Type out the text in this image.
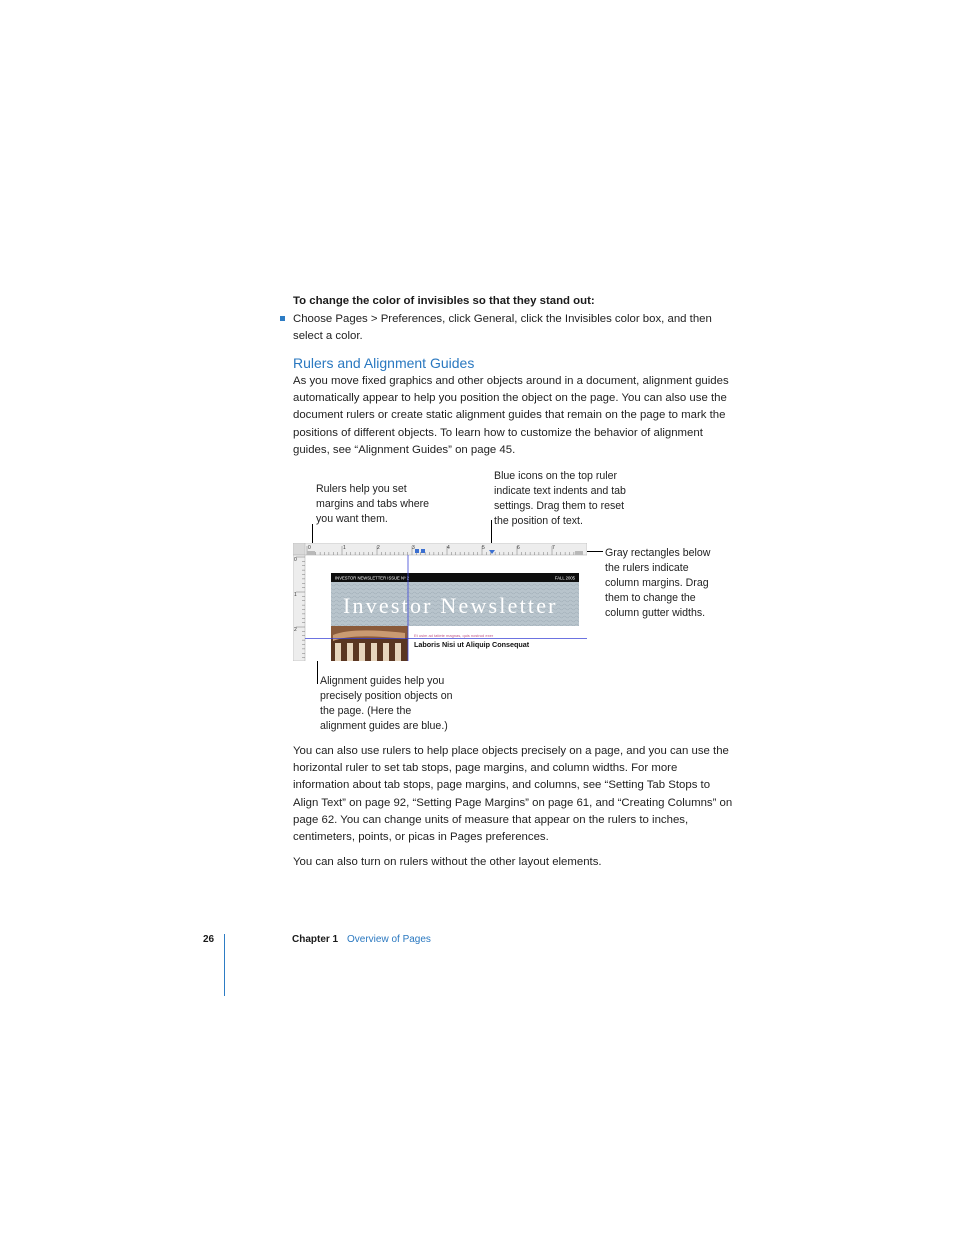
To change the color of invisibles so that they stand out:
Choose Pages > Preferences, click General, click the Invisibles color box, and then select a color.
Rulers and Alignment Guides
As you move fixed graphics and other objects around in a document, alignment guides automatically appear to help you position the object on the page. You can also use the document rulers or create static alignment guides that remain on the page to mark the positions of different objects. To learn how to customize the behavior of alignment guides, see “Alignment Guides” on page 45.
Rulers help you set margins and tabs where you want them.
Blue icons on the top ruler indicate text indents and tab settings. Drag them to reset the position of text.
Gray rectangles below the rulers indicate column margins. Drag them to change the column gutter widths.
Alignment guides help you precisely position objects on the page. (Here the alignment guides are blue.)
0	1	2	3	4	5	6	7
0
1
2
INVESTOR NEWSLETTER ISSUE Nº 2	FALL 2005
Investor Newsletter
Et usim ad tatiete magnas, quis nostrud exer
Laboris Nisi ut Aliquip Consequat
You can also use rulers to help place objects precisely on a page, and you can use the horizontal ruler to set tab stops, page margins, and column widths. For more information about tab stops, page margins, and columns, see “Setting Tab Stops to Align Text” on page 92, “Setting Page Margins” on page 61, and “Creating Columns” on page 62. You can change units of measure that appear on the rulers to inches, centimeters, points, or picas in Pages preferences.
You can also turn on rulers without the other layout elements.
26	Chapter 1 Overview of Pages
